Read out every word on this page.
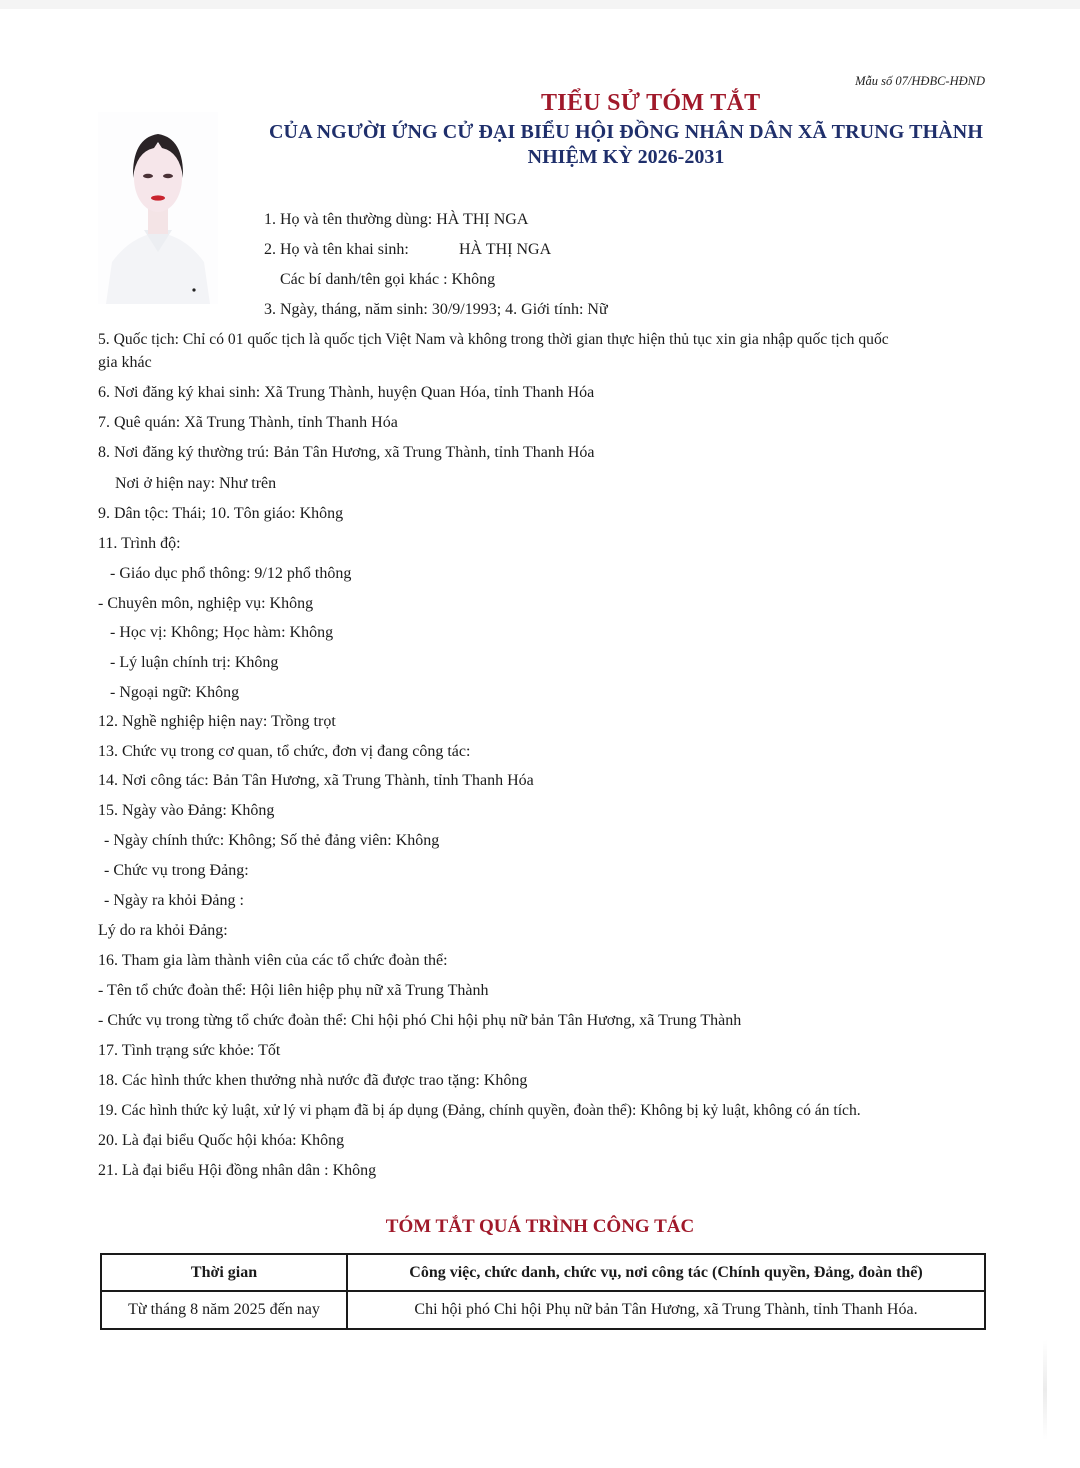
Mẫu số 07/HĐBC-HĐND
TIỂU SỬ TÓM TẮT
CỦA NGƯỜI ỨNG CỬ ĐẠI BIỂU HỘI ĐỒNG NHÂN DÂN XÃ TRUNG THÀNH
NHIỆM KỲ 2026-2031
1. Họ và tên thường dùng: HÀ THỊ NGA
2. Họ và tên khai sinh:	HÀ THỊ NGA
Các bí danh/tên gọi khác : Không
3. Ngày, tháng, năm sinh: 30/9/1993; 4. Giới tính: Nữ
5. Quốc tịch: Chỉ có 01 quốc tịch là quốc tịch Việt Nam và không trong thời gian thực hiện thủ tục xin gia nhập quốc tịch quốc
gia khác
6. Nơi đăng ký khai sinh: Xã Trung Thành, huyện Quan Hóa, tỉnh Thanh Hóa
7. Quê quán: Xã Trung Thành, tỉnh Thanh Hóa
8. Nơi đăng ký thường trú: Bản Tân Hương, xã Trung Thành, tỉnh Thanh Hóa
Nơi ở hiện nay: Như trên
9. Dân tộc: Thái; 10. Tôn giáo: Không
11. Trình độ:
- Giáo dục phổ thông: 9/12 phổ thông
- Chuyên môn, nghiệp vụ: Không
- Học vị: Không; Học hàm: Không
- Lý luận chính trị: Không
- Ngoại ngữ: Không
12. Nghề nghiệp hiện nay: Trồng trọt
13. Chức vụ trong cơ quan, tổ chức, đơn vị đang công tác:
14. Nơi công tác: Bản Tân Hương, xã Trung Thành, tỉnh Thanh Hóa
15. Ngày vào Đảng: Không
- Ngày chính thức: Không; Số thẻ đảng viên: Không
- Chức vụ trong Đảng:
- Ngày ra khỏi Đảng :
Lý do ra khỏi Đảng:
16. Tham gia làm thành viên của các tổ chức đoàn thể:
- Tên tổ chức đoàn thể: Hội liên hiệp phụ nữ xã Trung Thành
- Chức vụ trong từng tổ chức đoàn thể: Chi hội phó Chi hội phụ nữ bản Tân Hương, xã Trung Thành
17. Tình trạng sức khỏe: Tốt
18. Các hình thức khen thưởng nhà nước đã được trao tặng: Không
19. Các hình thức kỷ luật, xử lý vi phạm đã bị áp dụng (Đảng, chính quyền, đoàn thể): Không bị kỷ luật, không có án tích.
20. Là đại biểu Quốc hội khóa: Không
21. Là đại biểu Hội đồng nhân dân : Không
TÓM TẮT QUÁ TRÌNH CÔNG TÁC
Thời gian	Công việc, chức danh, chức vụ, nơi công tác (Chính quyền, Đảng, đoàn thể)
Từ tháng 8 năm 2025 đến nay	Chi hội phó Chi hội Phụ nữ bản Tân Hương, xã Trung Thành, tỉnh Thanh Hóa.
